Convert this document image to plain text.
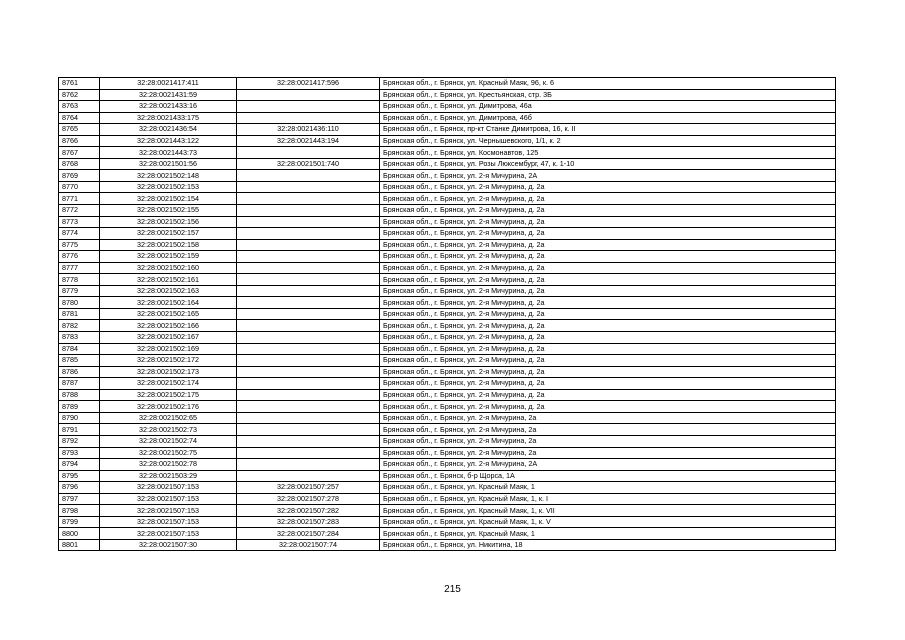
8761	32:28:0021417:411	32:28:0021417:596	Брянская обл., г. Брянск, ул. Красный Маяк, 96, к. 6
8762	32:28:0021431:59		Брянская обл., г. Брянск, ул. Крестьянская, стр. 3Б
8763	32:28:0021433:16		Брянская обл., г. Брянск, ул. Димитрова, 46а
8764	32:28:0021433:175		Брянская обл., г. Брянск, ул. Димитрова, 46б
8765	32:28:0021436:54	32:28:0021436:110	Брянская обл., г. Брянск, пр-кт Станке Димитрова, 16, к. II
8766	32:28:0021443:122	32:28:0021443:194	Брянская обл., г. Брянск, ул. Чернышевского, 1/1, к. 2
8767	32:28:0021443:73		Брянская обл., г. Брянск, ул. Космонавтов, 125
8768	32:28:0021501:56	32:28:0021501:740	Брянская обл., г. Брянск, ул. Розы Люксембург, 47, к. 1-10
8769	32:28:0021502:148		Брянская обл., г. Брянск, ул. 2-я Мичурина, 2А
8770	32:28:0021502:153		Брянская обл., г. Брянск, ул. 2-я Мичурина, д. 2а
8771	32:28:0021502:154		Брянская обл., г. Брянск, ул. 2-я Мичурина, д. 2а
8772	32:28:0021502:155		Брянская обл., г. Брянск, ул. 2-я Мичурина, д. 2а
8773	32:28:0021502:156		Брянская обл., г. Брянск, ул. 2-я Мичурина, д. 2а
8774	32:28:0021502:157		Брянская обл., г. Брянск, ул. 2-я Мичурина, д. 2а
8775	32:28:0021502:158		Брянская обл., г. Брянск, ул. 2-я Мичурина, д. 2а
8776	32:28:0021502:159		Брянская обл., г. Брянск, ул. 2-я Мичурина, д. 2а
8777	32:28:0021502:160		Брянская обл., г. Брянск, ул. 2-я Мичурина, д. 2а
8778	32:28:0021502:161		Брянская обл., г. Брянск, ул. 2-я Мичурина, д. 2а
8779	32:28:0021502:163		Брянская обл., г. Брянск, ул. 2-я Мичурина, д. 2а
8780	32:28:0021502:164		Брянская обл., г. Брянск, ул. 2-я Мичурина, д. 2а
8781	32:28:0021502:165		Брянская обл., г. Брянск, ул. 2-я Мичурина, д. 2а
8782	32:28:0021502:166		Брянская обл., г. Брянск, ул. 2-я Мичурина, д. 2а
8783	32:28:0021502:167		Брянская обл., г. Брянск, ул. 2-я Мичурина, д. 2а
8784	32:28:0021502:169		Брянская обл., г. Брянск, ул. 2-я Мичурина, д. 2а
8785	32:28:0021502:172		Брянская обл., г. Брянск, ул. 2-я Мичурина, д. 2а
8786	32:28:0021502:173		Брянская обл., г. Брянск, ул. 2-я Мичурина, д. 2а
8787	32:28:0021502:174		Брянская обл., г. Брянск, ул. 2-я Мичурина, д. 2а
8788	32:28:0021502:175		Брянская обл., г. Брянск, ул. 2-я Мичурина, д. 2а
8789	32:28:0021502:176		Брянская обл., г. Брянск, ул. 2-я Мичурина, д. 2а
8790	32:28:0021502:65		Брянская обл., г. Брянск, ул. 2-я Мичурина, 2а
8791	32:28:0021502:73		Брянская обл., г. Брянск, ул. 2-я Мичурина, 2а
8792	32:28:0021502:74		Брянская обл., г. Брянск, ул. 2-я Мичурина, 2а
8793	32:28:0021502:75		Брянская обл., г. Брянск, ул. 2-я Мичурина, 2а
8794	32:28:0021502:78		Брянская обл., г. Брянск, ул. 2-я Мичурина, 2А
8795	32:28:0021503:29		Брянская обл., г. Брянск, б-р Щорса, 1А
8796	32:28:0021507:153	32:28:0021507:257	Брянская обл., г. Брянск, ул. Красный Маяк, 1
8797	32:28:0021507:153	32:28:0021507:278	Брянская обл., г. Брянск, ул. Красный Маяк, 1, к. I
8798	32:28:0021507:153	32:28:0021507:282	Брянская обл., г. Брянск, ул. Красный Маяк, 1, к. VII
8799	32:28:0021507:153	32:28:0021507:283	Брянская обл., г. Брянск, ул. Красный Маяк, 1, к. V
8800	32:28:0021507:153	32:28:0021507:284	Брянская обл., г. Брянск, ул. Красный Маяк, 1
8801	32:28:0021507:30	32:28:0021507:74	Брянская обл., г. Брянск, ул. Никитина, 18
215
